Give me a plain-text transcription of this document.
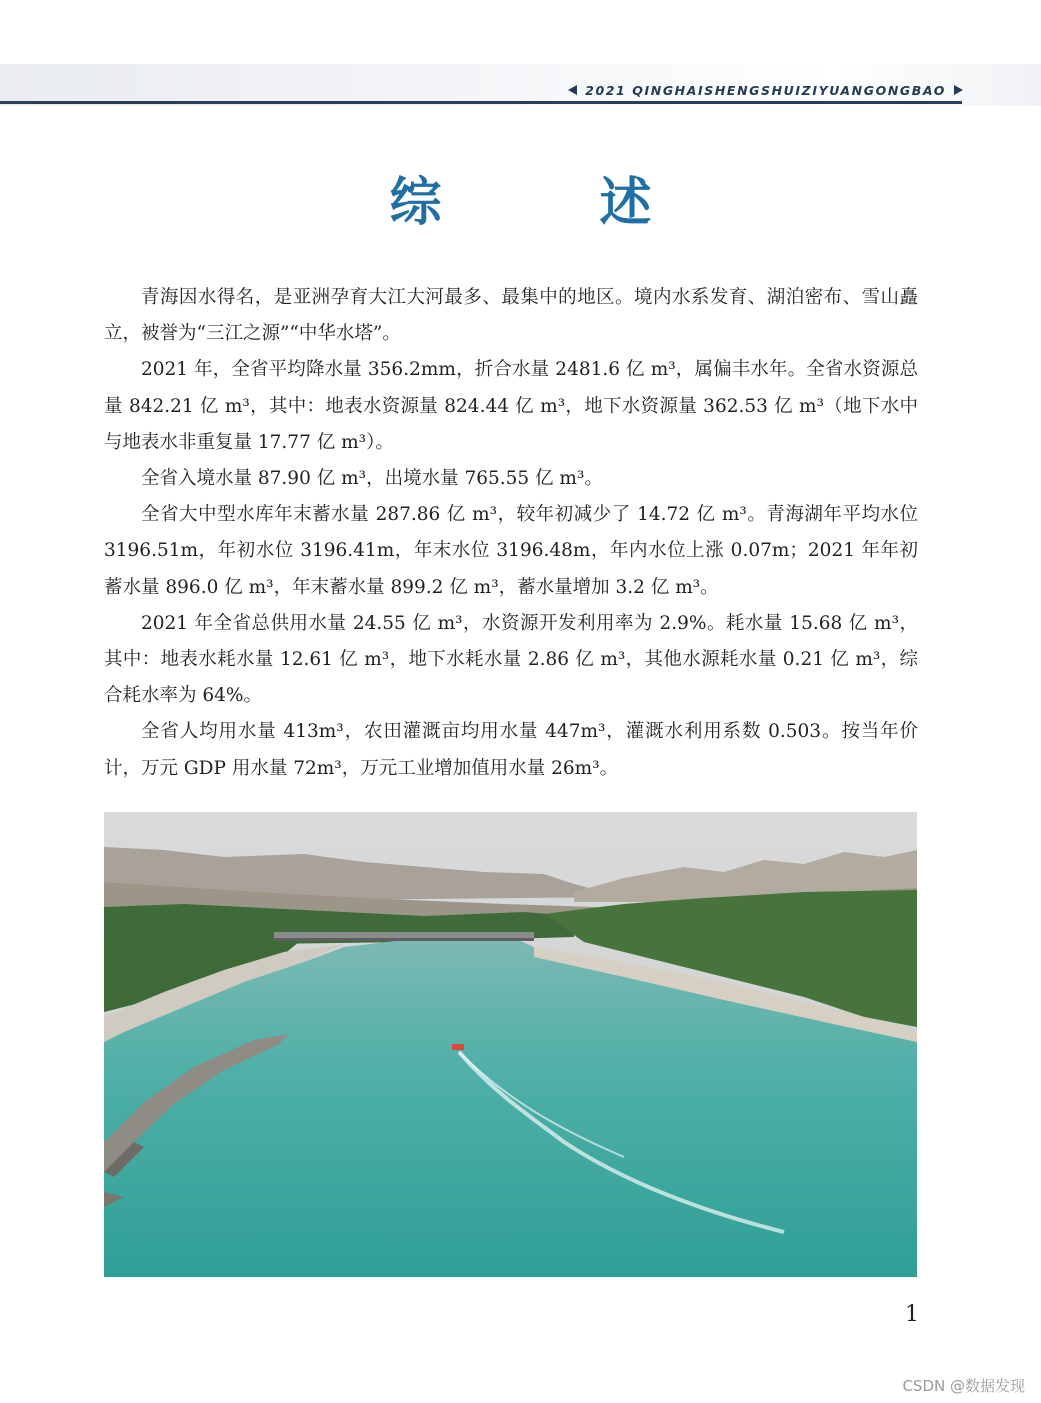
2021 QINGHAISHENGSHUIZIYUANGONGBAO
综 述

青海因水得名，是亚洲孕育大江大河最多、最集中的地区。境内水系发育、湖泊密布、雪山矗立，被誉为“三江之源”“中华水塔”。

2021 年，全省平均降水量 356.2mm，折合水量 2481.6 亿 m³，属偏丰水年。全省水资源总量 842.21 亿 m³，其中：地表水资源量 824.44 亿 m³，地下水资源量 362.53 亿 m³（地下水中与地表水非重复量 17.77 亿 m³）。

全省入境水量 87.90 亿 m³，出境水量 765.55 亿 m³。

全省大中型水库年末蓄水量 287.86 亿 m³，较年初减少了 14.72 亿 m³。青海湖年平均水位 3196.51m，年初水位 3196.41m，年末水位 3196.48m，年内水位上涨 0.07m；2021 年年初蓄水量 896.0 亿 m³，年末蓄水量 899.2 亿 m³，蓄水量增加 3.2 亿 m³。

2021 年全省总供用水量 24.55 亿 m³，水资源开发利用率为 2.9%。耗水量 15.68 亿 m³，其中：地表水耗水量 12.61 亿 m³，地下水耗水量 2.86 亿 m³，其他水源耗水量 0.21 亿 m³，综合耗水率为 64%。

全省人均用水量 413m³，农田灌溉亩均用水量 447m³，灌溉水利用系数 0.503。按当年价计，万元 GDP 用水量 72m³，万元工业增加值用水量 26m³。

1
CSDN @数据发现
